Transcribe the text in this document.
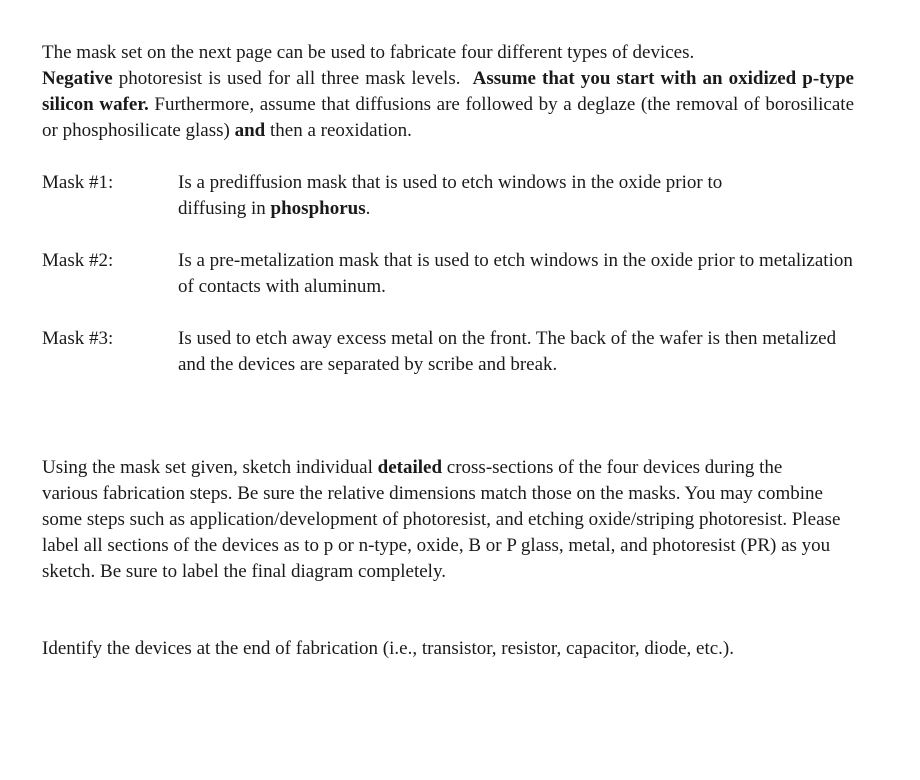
The mask set on the next page can be used to fabricate four different types of devices.
Negative photoresist is used for all three mask levels. Assume that you start with an oxidized p-type silicon wafer. Furthermore, assume that diffusions are followed by a deglaze (the removal of borosilicate or phosphosilicate glass) and then a reoxidation.

Mask #1:	Is a prediffusion mask that is used to etch windows in the oxide prior to diffusing in phosphorus.
Mask #2:	Is a pre-metalization mask that is used to etch windows in the oxide prior to metalization of contacts with aluminum.
Mask #3:	Is used to etch away excess metal on the front. The back of the wafer is then metalized and the devices are separated by scribe and break.

Using the mask set given, sketch individual detailed cross-sections of the four devices during the various fabrication steps. Be sure the relative dimensions match those on the masks. You may combine some steps such as application/development of photoresist, and etching oxide/striping photoresist. Please label all sections of the devices as to p or n-type, oxide, B or P glass, metal, and photoresist (PR) as you sketch. Be sure to label the final diagram completely.

Identify the devices at the end of fabrication (i.e., transistor, resistor, capacitor, diode, etc.).
